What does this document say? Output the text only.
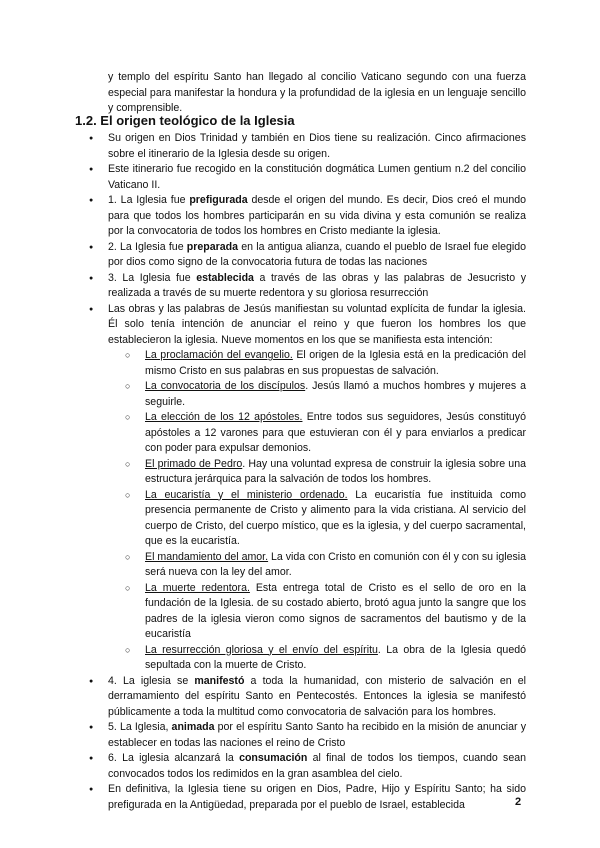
y templo del espíritu Santo han llegado al concilio Vaticano segundo con una fuerza especial para manifestar la hondura y la profundidad de la iglesia en un lenguaje sencillo y comprensible.

1.2. El origen teológico de la Iglesia
● Su origen en Dios Trinidad y también en Dios tiene su realización. Cinco afirmaciones sobre el itinerario de la Iglesia desde su origen.
● Este itinerario fue recogido en la constitución dogmática Lumen gentium n.2 del concilio Vaticano II.
● 1. La Iglesia fue prefigurada desde el origen del mundo. Es decir, Dios creó el mundo para que todos los hombres participarán en su vida divina y esta comunión se realiza por la convocatoria de todos los hombres en Cristo mediante la iglesia.
● 2. La Iglesia fue preparada en la antigua alianza, cuando el pueblo de Israel fue elegido por dios como signo de la convocatoria futura de todas las naciones
● 3. La Iglesia fue establecida a través de las obras y las palabras de Jesucristo y realizada a través de su muerte redentora y su gloriosa resurrección
● Las obras y las palabras de Jesús manifiestan su voluntad explícita de fundar la iglesia. Él solo tenía intención de anunciar el reino y que fueron los hombres los que establecieron la iglesia. Nueve momentos en los que se manifiesta esta intención:
○ La proclamación del evangelio. El origen de la Iglesia está en la predicación del mismo Cristo en sus palabras en sus propuestas de salvación.
○ La convocatoria de los discípulos. Jesús llamó a muchos hombres y mujeres a seguirle.
○ La elección de los 12 apóstoles. Entre todos sus seguidores, Jesús constituyó apóstoles a 12 varones para que estuvieran con él y para enviarlos a predicar con poder para expulsar demonios.
○ El primado de Pedro. Hay una voluntad expresa de construir la iglesia sobre una estructura jerárquica para la salvación de todos los hombres.
○ La eucaristía y el ministerio ordenado. La eucaristía fue instituida como presencia permanente de Cristo y alimento para la vida cristiana. Al servicio del cuerpo de Cristo, del cuerpo místico, que es la iglesia, y del cuerpo sacramental, que es la eucaristía.
○ El mandamiento del amor. La vida con Cristo en comunión con él y con su iglesia será nueva con la ley del amor.
○ La muerte redentora. Esta entrega total de Cristo es el sello de oro en la fundación de la Iglesia. de su costado abierto, brotó agua junto la sangre que los padres de la iglesia vieron como signos de sacramentos del bautismo y de la eucaristía
○ La resurrección gloriosa y el envío del espíritu. La obra de la Iglesia quedó sepultada con la muerte de Cristo.
● 4. La iglesia se manifestó a toda la humanidad, con misterio de salvación en el derramamiento del espíritu Santo en Pentecostés. Entonces la iglesia se manifestó públicamente a toda la multitud como convocatoria de salvación para los hombres.
● 5. La Iglesia, animada por el espíritu Santo Santo ha recibido en la misión de anunciar y establecer en todas las naciones el reino de Cristo
● 6. La iglesia alcanzará la consumación al final de todos los tiempos, cuando sean convocados todos los redimidos en la gran asamblea del cielo.
● En definitiva, la Iglesia tiene su origen en Dios, Padre, Hijo y Espíritu Santo; ha sido prefigurada en la Antigüedad, preparada por el pueblo de Israel, establecida	2
